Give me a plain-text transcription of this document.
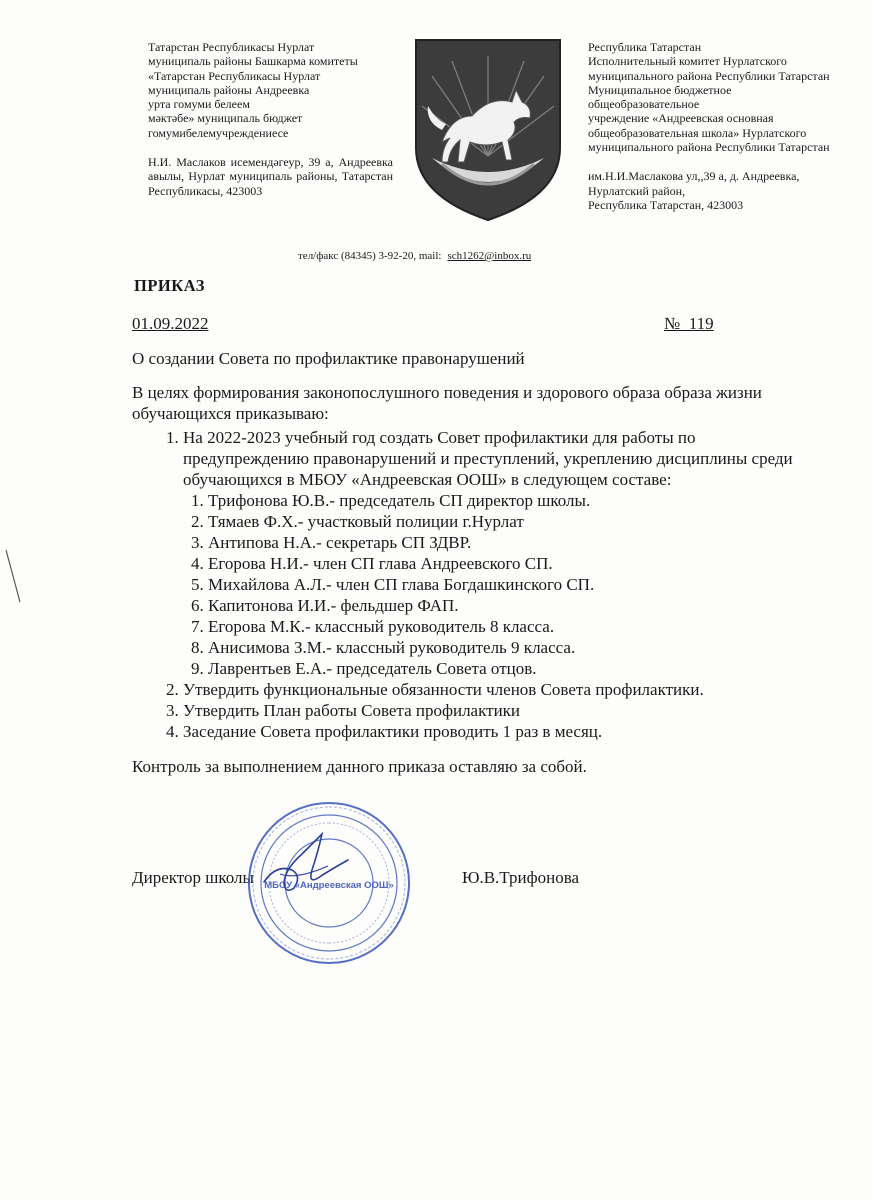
Татарстан Республикасы Нурлат
муниципаль районы Башкарма комитеты
«Татарстан Республикасы Нурлат
муниципаль районы Андреевка
урта гомуми белеем
мәктәбе» муниципаль бюджет
гомумибелемучреждениесе
Н.И. Маслаков исемендәгеур, 39 а, Андреевка авылы, Нурлат муниципаль районы, Татарстан Республикасы, 423003
Республика Татарстан
Исполнительный комитет Нурлатского
муниципального района Республики Татарстан
Муниципальное бюджетное
общеобразовательное
учреждение «Андреевская основная
общеобразовательная школа» Нурлатского
муниципального района Республики Татарстан
им.Н.И.Маслакова ул,,39 а, д. Андреевка,
Нурлатский район,
Республика Татарстан, 423003
тел/факс (84345) 3-92-20, mail: sch1262@inbox.ru
ПРИКАЗ
01.09.2022	№_119
О создании Совета по профилактике правонарушений
В целях формирования законопослушного поведения и здорового образа образа жизни обучающихся приказываю:
1. На 2022-2023 учебный год создать Совет профилактики для работы по предупреждению правонарушений и преступлений, укреплению дисциплины среди обучающихся в МБОУ «Андреевская ООШ» в следующем составе:
1. Трифонова Ю.В.- председатель СП директор школы.
2. Тямаев Ф.Х.- участковый полиции г.Нурлат
3. Антипова Н.А.- секретарь СП ЗДВР.
4. Егорова Н.И.- член СП глава Андреевского СП.
5. Михайлова А.Л.- член СП глава Богдашкинского СП.
6. Капитонова И.И.- фельдшер ФАП.
7. Егорова М.К.- классный руководитель 8 класса.
8. Анисимова З.М.- классный руководитель 9 класса.
9. Лаврентьев Е.А.- председатель Совета отцов.
2. Утвердить функциональные обязанности членов Совета профилактики.
3. Утвердить План работы Совета профилактики
4. Заседание Совета профилактики проводить 1 раз в месяц.
Контроль за выполнением данного приказа оставляю за собой.
Директор школы	Ю.В.Трифонова
МБОУ «Андреевская ООШ»
